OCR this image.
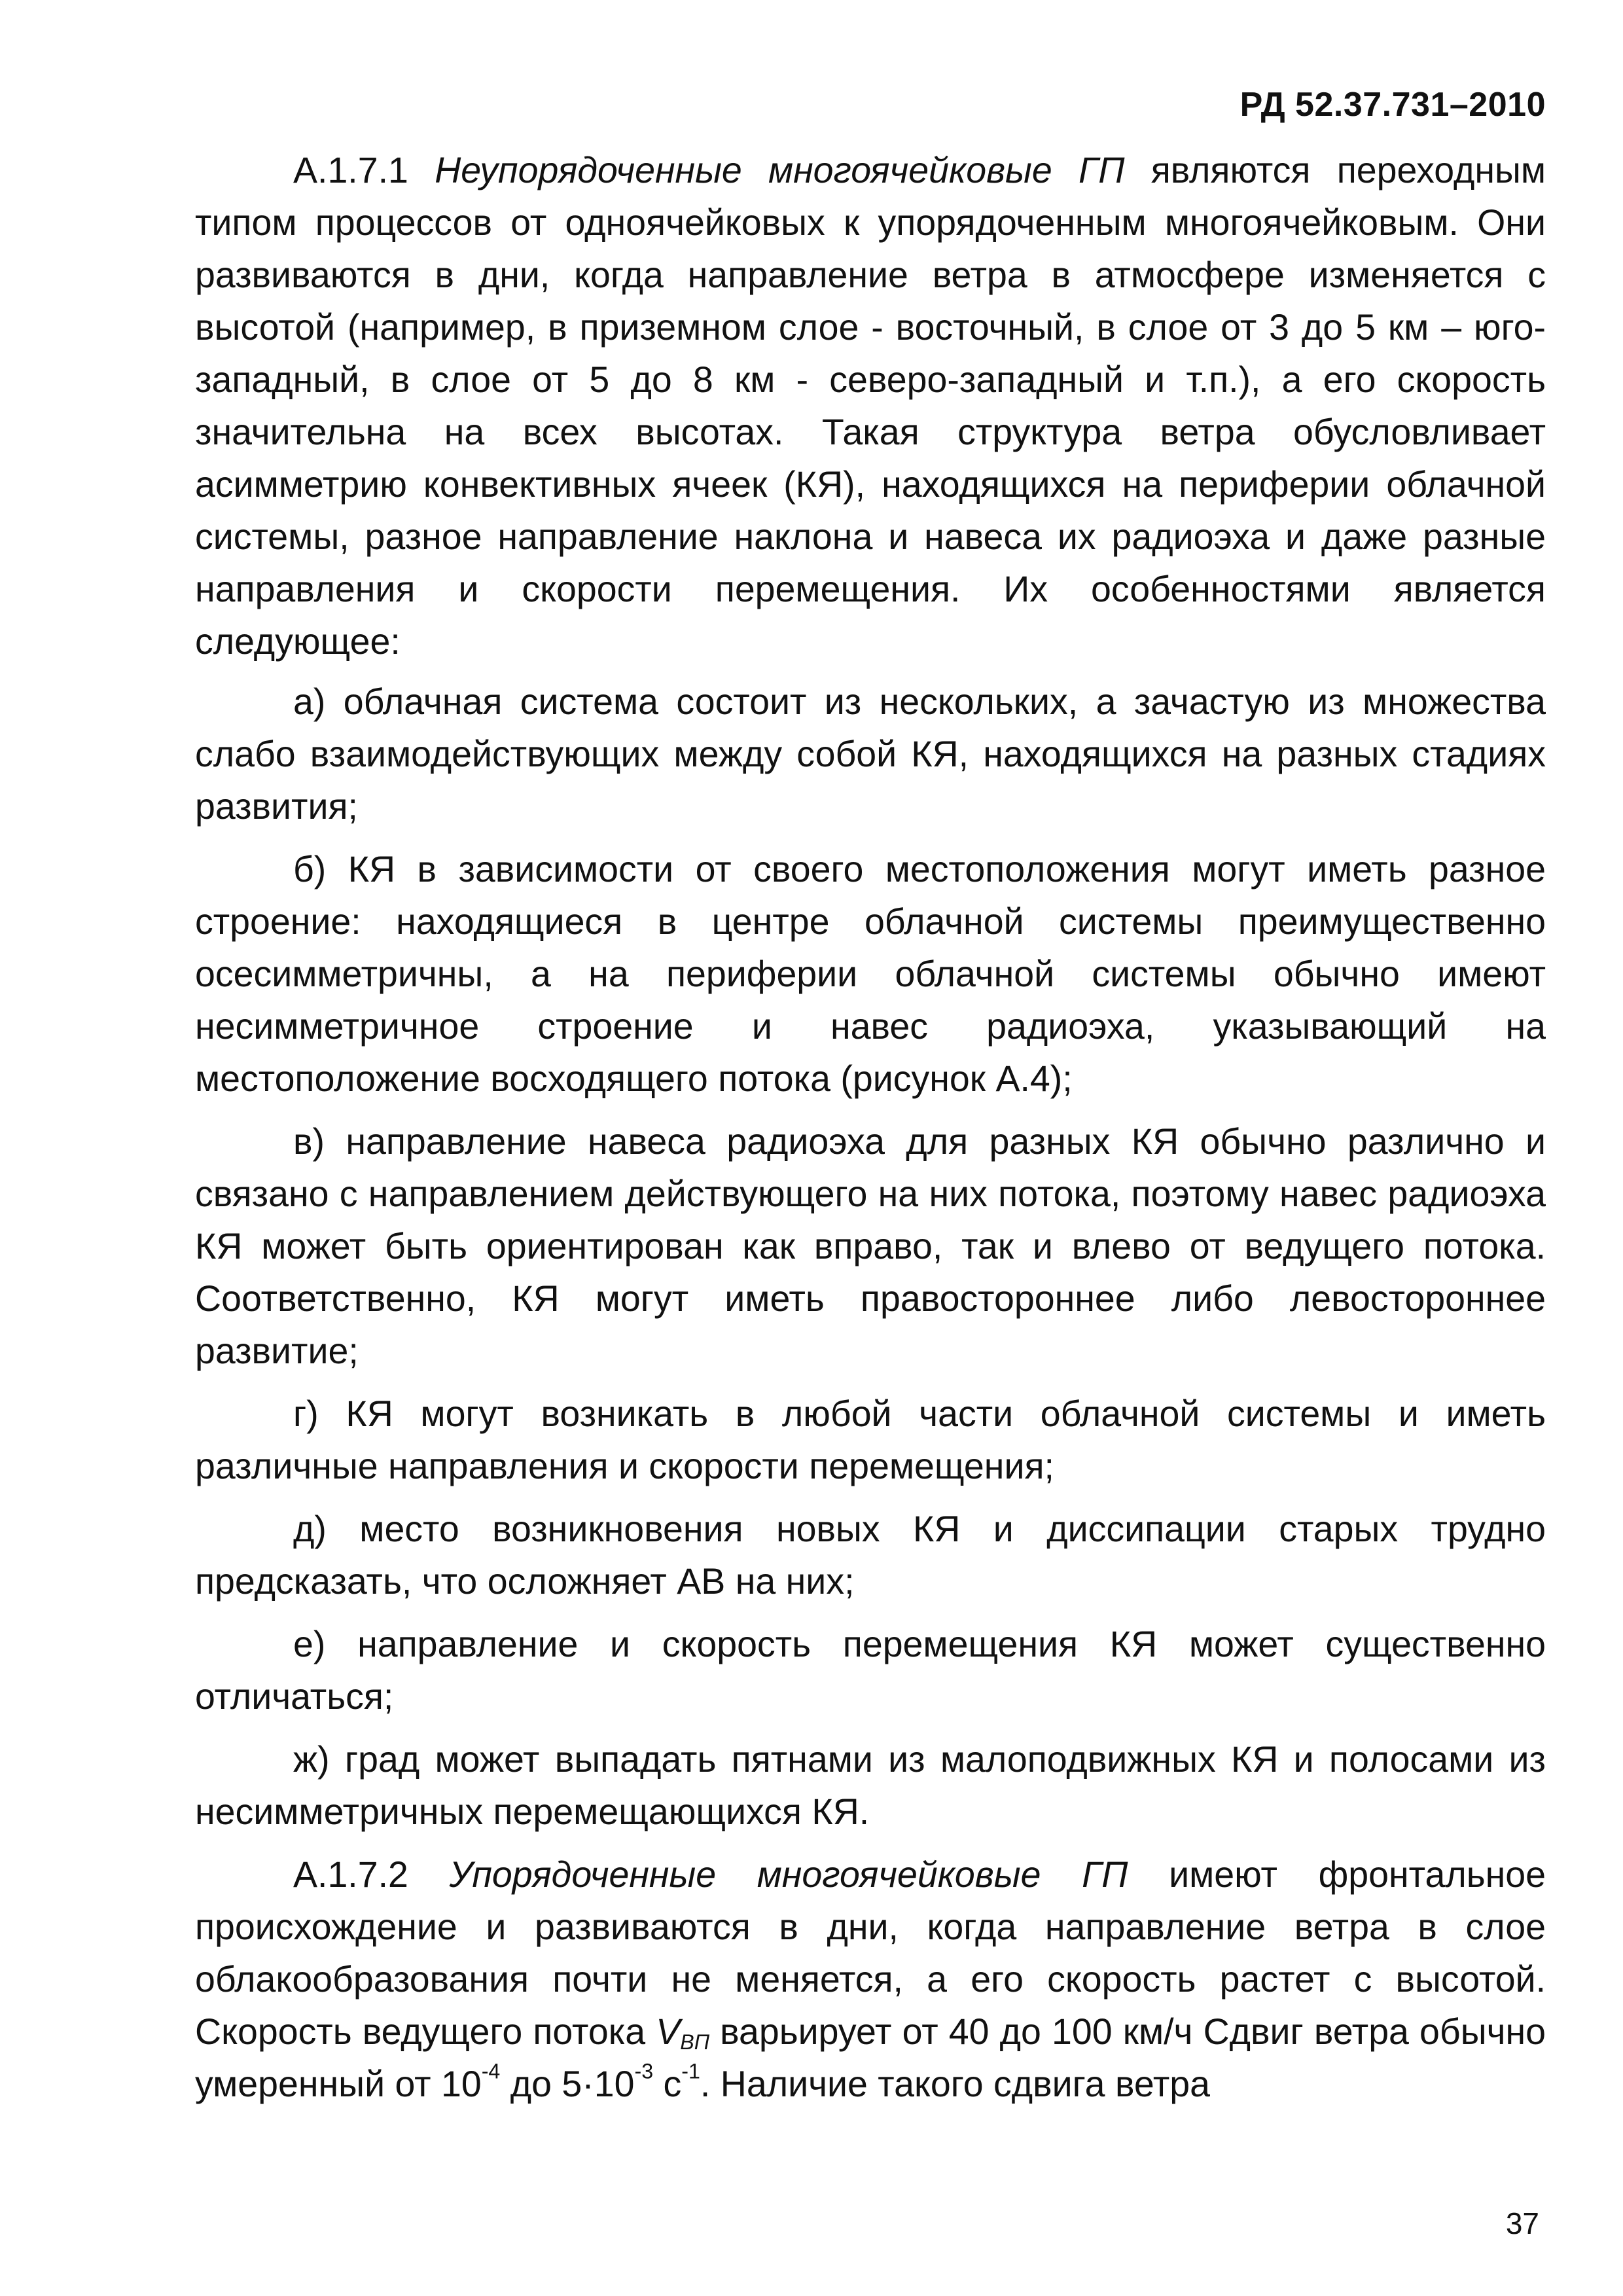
РД 52.37.731–2010

А.1.7.1 Неупорядоченные многоячейковые ГП являются переходным типом процессов от одноячейковых к упорядоченным многоячейковым. Они развиваются в дни, когда направление ветра в атмосфере изменяется с высотой (например, в приземном слое - восточный, в слое от 3 до 5 км – юго-западный, в слое от 5 до 8 км - северо-западный и т.п.), а его скорость значительна на всех высотах. Такая структура ветра обусловливает асимметрию конвективных ячеек (КЯ), находящихся на периферии облачной системы, разное направление наклона и навеса их радиоэха и даже разные направления и скорости перемещения. Их особенностями является следующее:

а) облачная система состоит из нескольких, а зачастую из множества слабо взаимодействующих между собой КЯ, находящихся на разных стадиях развития;

б) КЯ в зависимости от своего местоположения могут иметь разное строение: находящиеся в центре облачной системы преимущественно осесимметричны, а на периферии облачной системы обычно имеют несимметричное строение и навес радиоэха, указывающий на местоположение восходящего потока (рисунок А.4);

в) направление навеса радиоэха для разных КЯ обычно различно и связано с направлением действующего на них потока, поэтому навес радиоэха КЯ может быть ориентирован как вправо, так и влево от ведущего потока. Соответственно, КЯ могут иметь правостороннее либо левостороннее развитие;

г) КЯ могут возникать в любой части облачной системы и иметь различные направления и скорости перемещения;

д) место возникновения новых КЯ и диссипации старых трудно предсказать, что осложняет АВ на них;

е) направление и скорость перемещения КЯ может существенно отличаться;

ж) град может выпадать пятнами из малоподвижных КЯ и полосами из несимметричных перемещающихся КЯ.

А.1.7.2 Упорядоченные многоячейковые ГП имеют фронтальное происхождение и развиваются в дни, когда направление ветра в слое облакообразования почти не меняется, а его скорость растет с высотой. Скорость ведущего потока $V_{ВП}$ варьирует от 40 до 100 км/ч Сдвиг ветра обычно умеренный от $10^{-4}$ до $5\cdot 10^{-3}$ $с^{-1}$. Наличие такого сдвига ветра

37
